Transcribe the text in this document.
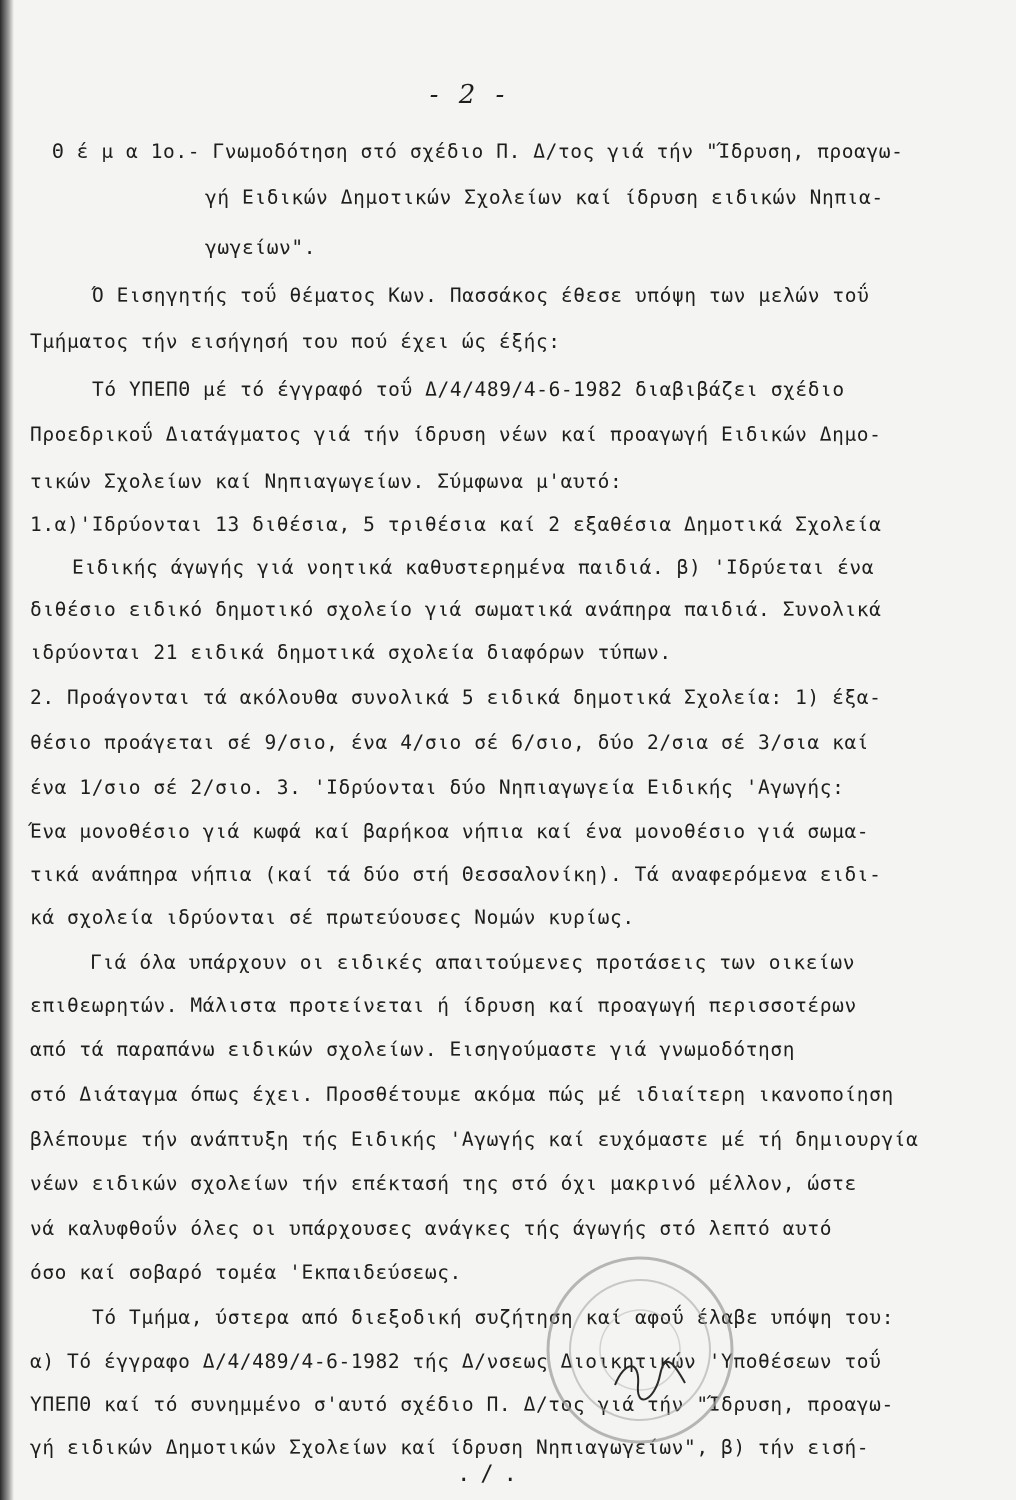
- 2 -
Θ έ μ α 1ο.- Γνωμοδότηση στό σχέδιο Π. Δ/τος γιά τήν "Ίδρυση, προαγω-
γή Ειδικών Δημοτικών Σχολείων καί ίδρυση ειδικών Νηπια-
γωγείων".
Ό Εισηγητής τοΰ θέματος Κων. Πασσάκος έθεσε υπόψη των μελών τοΰ
Τμήματος τήν εισήγησή του πού έχει ώς έξής:
Τό ΥΠΕΠΘ μέ τό έγγραφό τοΰ Δ/4/489/4-6-1982 διαβιβάζει σχέδιο
Προεδρικοΰ Διατάγματος γιά τήν ίδρυση νέων καί προαγωγή Ειδικών Δημο-
τικών Σχολείων καί Νηπιαγωγείων. Σύμφωνα μ'αυτό:
1.α)'Ιδρύονται 13 διθέσια, 5 τριθέσια καί 2 εξαθέσια Δημοτικά Σχολεία
Ειδικής άγωγής γιά νοητικά καθυστερημένα παιδιά. β) 'Ιδρύεται ένα
διθέσιο ειδικό δημοτικό σχολείο γιά σωματικά ανάπηρα παιδιά. Συνολικά
ιδρύονται 21 ειδικά δημοτικά σχολεία διαφόρων τύπων.
2. Προάγονται τά ακόλουθα συνολικά 5 ειδικά δημοτικά Σχολεία: 1) έξα-
θέσιο προάγεται σέ 9/σιο, ένα 4/σιο σέ 6/σιο, δύο 2/σια σέ 3/σια καί
ένα 1/σιο σέ 2/σιο. 3. 'Ιδρύονται δύο Νηπιαγωγεία Ειδικής 'Αγωγής:
Ένα μονοθέσιο γιά κωφά καί βαρήκοα νήπια καί ένα μονοθέσιο γιά σωμα-
τικά ανάπηρα νήπια (καί τά δύο στή Θεσσαλονίκη). Τά αναφερόμενα ειδι-
κά σχολεία ιδρύονται σέ πρωτεύουσες Νομών κυρίως.
Γιά όλα υπάρχουν οι ειδικές απαιτούμενες προτάσεις των οικείων
επιθεωρητών. Μάλιστα προτείνεται ή ίδρυση καί προαγωγή περισσοτέρων
από τά παραπάνω ειδικών σχολείων. Εισηγούμαστε γιά γνωμοδότηση
στό Διάταγμα όπως έχει. Προσθέτουμε ακόμα πώς μέ ιδιαίτερη ικανοποίηση
βλέπουμε τήν ανάπτυξη τής Ειδικής 'Αγωγής καί ευχόμαστε μέ τή δημιουργία
νέων ειδικών σχολείων τήν επέκτασή της στό όχι μακρινό μέλλον, ώστε
νά καλυφθοΰν όλες οι υπάρχουσες ανάγκες τής άγωγής στό λεπτό αυτό
όσο καί σοβαρό τομέα 'Εκπαιδεύσεως.
Τό Τμήμα, ύστερα από διεξοδική συζήτηση καί αφοΰ έλαβε υπόψη του:
α) Τό έγγραφο Δ/4/489/4-6-1982 τής Δ/νσεως Διοικητικών 'Υποθέσεων τοΰ
ΥΠΕΠΘ καί τό συνημμένο σ'αυτό σχέδιο Π. Δ/τος γιά τήν "Ίδρυση, προαγω-
γή ειδικών Δημοτικών Σχολείων καί ίδρυση Νηπιαγωγείων", β) τήν εισή-
./.
